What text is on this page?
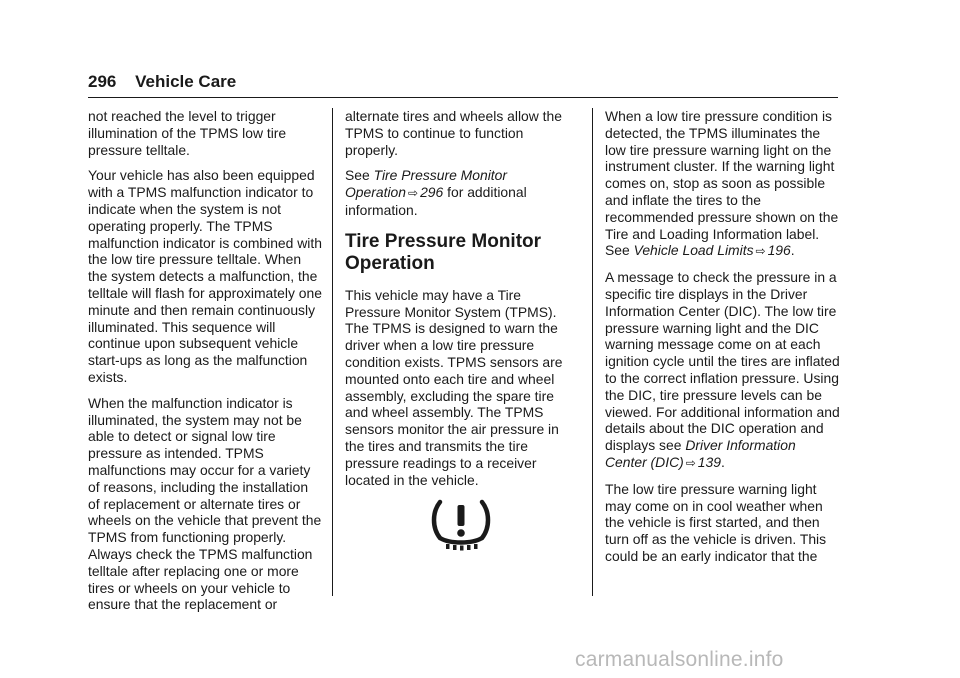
296 Vehicle Care

not reached the level to trigger illumination of the TPMS low tire pressure telltale.

Your vehicle has also been equipped with a TPMS malfunction indicator to indicate when the system is not operating properly. The TPMS malfunction indicator is combined with the low tire pressure telltale. When the system detects a malfunction, the telltale will flash for approximately one minute and then remain continuously illuminated. This sequence will continue upon subsequent vehicle start-ups as long as the malfunction exists.

When the malfunction indicator is illuminated, the system may not be able to detect or signal low tire pressure as intended. TPMS malfunctions may occur for a variety of reasons, including the installation of replacement or alternate tires or wheels on the vehicle that prevent the TPMS from functioning properly. Always check the TPMS malfunction telltale after replacing one or more tires or wheels on your vehicle to ensure that the replacement or

alternate tires and wheels allow the TPMS to continue to function properly.

See Tire Pressure Monitor Operation ⇨ 296 for additional information.

Tire Pressure Monitor Operation

This vehicle may have a Tire Pressure Monitor System (TPMS). The TPMS is designed to warn the driver when a low tire pressure condition exists. TPMS sensors are mounted onto each tire and wheel assembly, excluding the spare tire and wheel assembly. The TPMS sensors monitor the air pressure in the tires and transmits the tire pressure readings to a receiver located in the vehicle.

When a low tire pressure condition is detected, the TPMS illuminates the low tire pressure warning light on the instrument cluster. If the warning light comes on, stop as soon as possible and inflate the tires to the recommended pressure shown on the Tire and Loading Information label. See Vehicle Load Limits ⇨ 196.

A message to check the pressure in a specific tire displays in the Driver Information Center (DIC). The low tire pressure warning light and the DIC warning message come on at each ignition cycle until the tires are inflated to the correct inflation pressure. Using the DIC, tire pressure levels can be viewed. For additional information and details about the DIC operation and displays see Driver Information Center (DIC) ⇨ 139.

The low tire pressure warning light may come on in cool weather when the vehicle is first started, and then turn off as the vehicle is driven. This could be an early indicator that the

carmanualsonline.info
